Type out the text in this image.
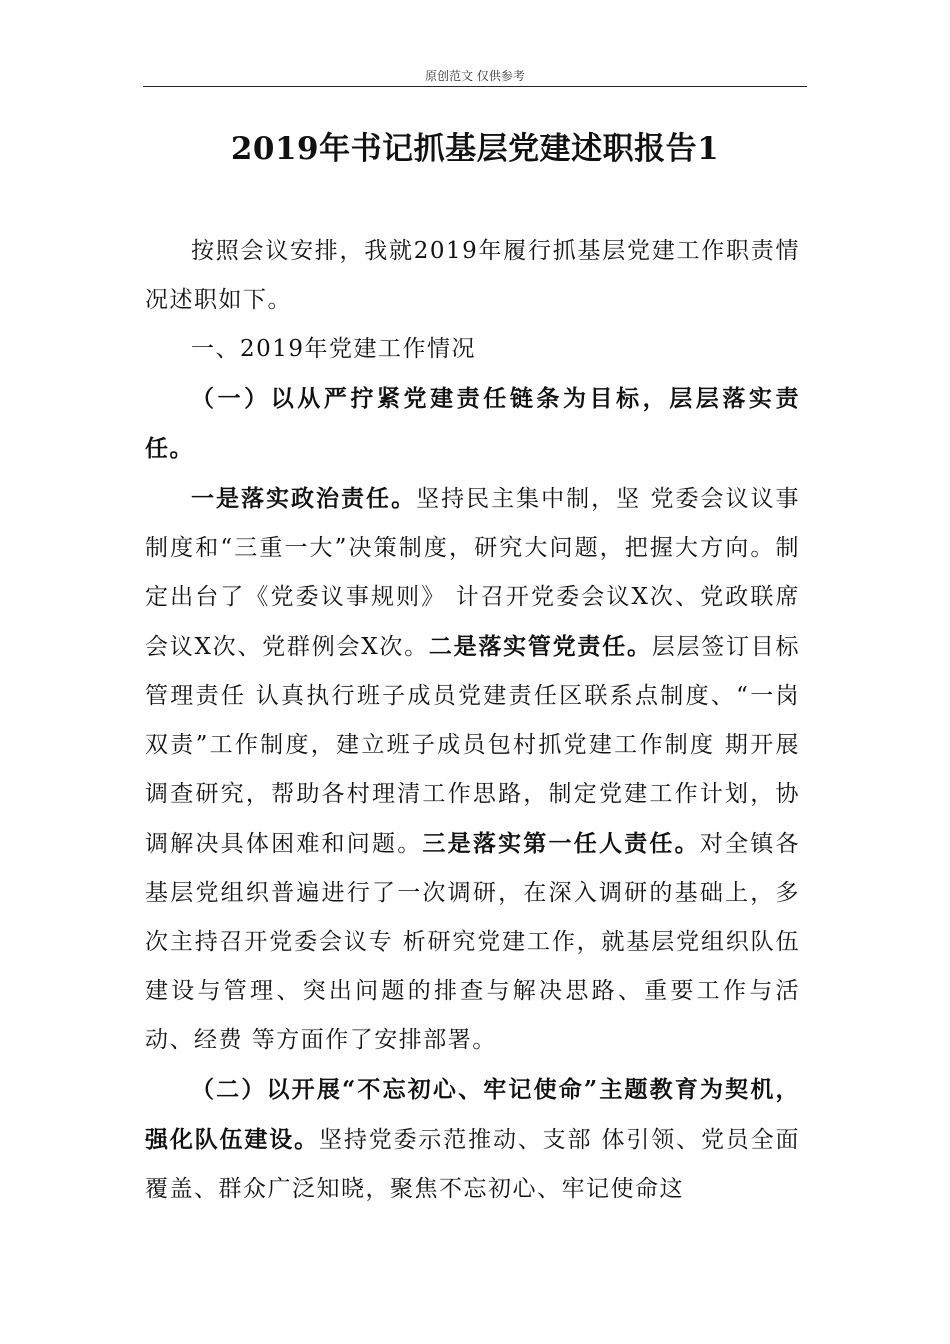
原创范文 仅供参考
2019年书记抓基层党建述职报告1

按照会议安排，我就2019年履行抓基层党建工作职责情况述职如下。

一、2019年党建工作情况

（一）以从严拧紧党建责任链条为目标，层层落实责任。

一是落实政治责任。坚持民主集中制，坚 党委会议议事制度和“三重一大”决策制度，研究大问题，把握大方向。制定出台了《党委议事规则》 计召开党委会议X次、党政联席会议X次、党群例会X次。二是落实管党责任。层层签订目标管理责任 认真执行班子成员党建责任区联系点制度、“一岗双责”工作制度，建立班子成员包村抓党建工作制度 期开展调查研究，帮助各村理清工作思路，制定党建工作计划，协调解决具体困难和问题。三是落实第一任人责任。对全镇各基层党组织普遍进行了一次调研，在深入调研的基础上，多次主持召开党委会议专 析研究党建工作，就基层党组织队伍建设与管理、突出问题的排查与解决思路、重要工作与活动、经费 等方面作了安排部署。

（二）以开展“不忘初心、牢记使命”主题教育为契机，强化队伍建设。坚持党委示范推动、支部 体引领、党员全面覆盖、群众广泛知晓，聚焦不忘初心、牢记使命这
